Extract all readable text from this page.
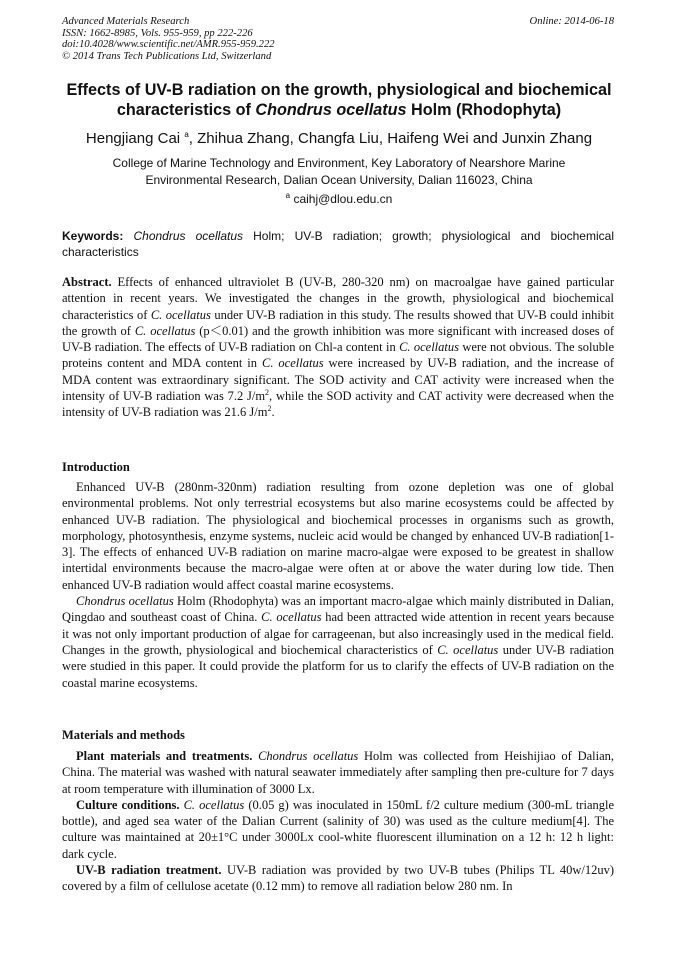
Advanced Materials Research
ISSN: 1662-8985, Vols. 955-959, pp 222-226
doi:10.4028/www.scientific.net/AMR.955-959.222
© 2014 Trans Tech Publications Ltd, Switzerland
Online: 2014-06-18
Effects of UV-B radiation on the growth, physiological and biochemical
characteristics of Chondrus ocellatus Holm (Rhodophyta)
Hengjiang Cai $^a$, Zhihua Zhang, Changfa Liu, Haifeng Wei and Junxin Zhang
College of Marine Technology and Environment, Key Laboratory of Nearshore Marine
Environmental Research, Dalian Ocean University, Dalian 116023, China
$^a$ caihj@dlou.edu.cn
Keywords: Chondrus ocellatus Holm; UV-B radiation; growth; physiological and biochemical characteristics

Abstract. Effects of enhanced ultraviolet B (UV-B, 280-320 nm) on macroalgae have gained particular attention in recent years. We investigated the changes in the growth, physiological and biochemical characteristics of C. ocellatus under UV-B radiation in this study. The results showed that UV-B could inhibit the growth of C. ocellatus (p＜0.01) and the growth inhibition was more significant with increased doses of UV-B radiation. The effects of UV-B radiation on Chl-a content in C. ocellatus were not obvious. The soluble proteins content and MDA content in C. ocellatus were increased by UV-B radiation, and the increase of MDA content was extraordinary significant. The SOD activity and CAT activity were increased when the intensity of UV-B radiation was 7.2 $J/m^2$, while the SOD activity and CAT activity were decreased when the intensity of UV-B radiation was 21.6 $J/m^2$.

Introduction

Enhanced UV-B (280nm-320nm) radiation resulting from ozone depletion was one of global environmental problems. Not only terrestrial ecosystems but also marine ecosystems could be affected by enhanced UV-B radiation. The physiological and biochemical processes in organisms such as growth, morphology, photosynthesis, enzyme systems, nucleic acid would be changed by enhanced UV-B radiation[1-3]. The effects of enhanced UV-B radiation on marine macro-algae were exposed to be greatest in shallow intertidal environments because the macro-algae were often at or above the water during low tide. Then enhanced UV-B radiation would affect coastal marine ecosystems.

Chondrus ocellatus Holm (Rhodophyta) was an important macro-algae which mainly distributed in Dalian, Qingdao and southeast coast of China. C. ocellatus had been attracted wide attention in recent years because it was not only important production of algae for carrageenan, but also increasingly used in the medical field. Changes in the growth, physiological and biochemical characteristics of C. ocellatus under UV-B radiation were studied in this paper. It could provide the platform for us to clarify the effects of UV-B radiation on the coastal marine ecosystems.

Materials and methods

Plant materials and treatments. Chondrus ocellatus Holm was collected from Heishijiao of Dalian, China. The material was washed with natural seawater immediately after sampling then pre-culture for 7 days at room temperature with illumination of 3000 Lx.

Culture conditions. C. ocellatus (0.05 g) was inoculated in 150mL f/2 culture medium (300-mL triangle bottle), and aged sea water of the Dalian Current (salinity of 30) was used as the culture medium[4]. The culture was maintained at 20±1°C under 3000Lx cool-white fluorescent illumination on a 12 h: 12 h light: dark cycle.

UV-B radiation treatment. UV-B radiation was provided by two UV-B tubes (Philips TL 40w/12uv) covered by a film of cellulose acetate (0.12 mm) to remove all radiation below 280 nm. In
